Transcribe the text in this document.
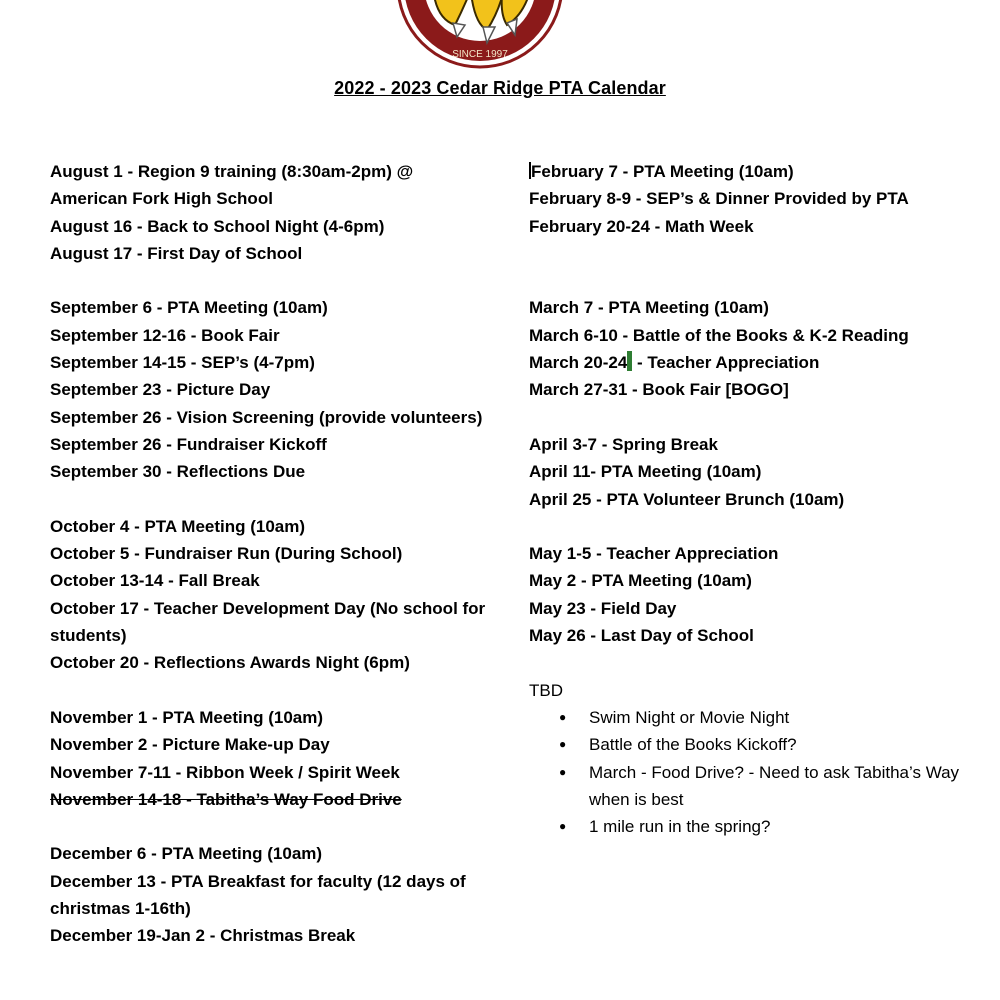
SINCE 1997
2022 - 2023 Cedar Ridge PTA Calendar
August 1 - Region 9 training (8:30am-2pm) @ American Fork High School
August 16 - Back to School Night (4-6pm)
August 17 - First Day of School
September 6 - PTA Meeting (10am)
September 12-16 - Book Fair
September 14-15 - SEP’s (4-7pm)
September 23 - Picture Day
September 26 - Vision Screening (provide volunteers)
September 26 - Fundraiser Kickoff
September 30 - Reflections Due
October 4 - PTA Meeting (10am)
October 5 - Fundraiser Run (During School)
October 13-14 - Fall Break
October 17 - Teacher Development Day (No school for students)
October 20 - Reflections Awards Night (6pm)
November 1 - PTA Meeting (10am)
November 2 - Picture Make-up Day
November 7-11 - Ribbon Week / Spirit Week
November 14-18 - Tabitha’s Way Food Drive
December 6 - PTA Meeting (10am)
December 13 - PTA Breakfast for faculty (12 days of christmas 1-16th)
December 19-Jan 2 - Christmas Break
February 7 - PTA Meeting (10am)
February 8-9 - SEP’s & Dinner Provided by PTA
February 20-24 - Math Week
March 7 - PTA Meeting (10am)
March 6-10 - Battle of the Books & K-2 Reading
March 20-24 - Teacher Appreciation
March 27-31 - Book Fair [BOGO]
April 3-7 - Spring Break
April 11- PTA Meeting (10am)
April 25 - PTA Volunteer Brunch (10am)
May 1-5 - Teacher Appreciation
May 2 - PTA Meeting (10am)
May 23 - Field Day
May 26 - Last Day of School
TBD
● Swim Night or Movie Night
● Battle of the Books Kickoff?
● March - Food Drive? - Need to ask Tabitha’s Way when is best
● 1 mile run in the spring?
